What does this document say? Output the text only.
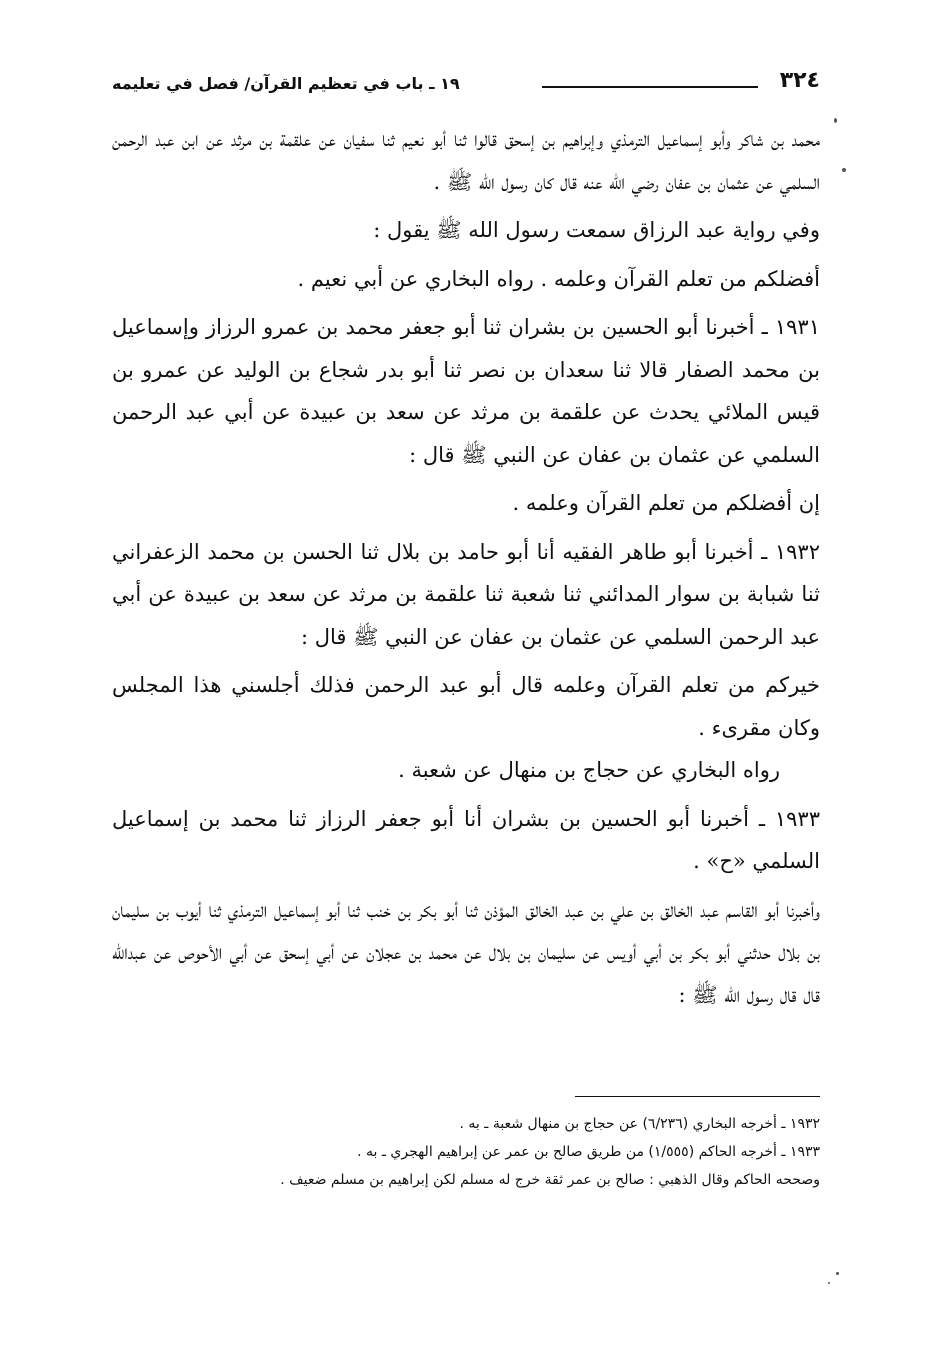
٣٢٤
١٩ ـ باب في تعظيم القرآن/ فصل في تعليمه

محمد بن شاكر وأبو إسماعيل الترمذي وإبراهيم بن إسحق قالوا ثنا أبو نعيم ثنا سفيان عن علقمة بن مرثد عن ابن عبد الرحمن السلمي عن عثمان بن عفان رضي الله عنه قال كان رسول الله ﷺ .

وفي رواية عبد الرزاق سمعت رسول الله ﷺ يقول :

أفضلكم من تعلم القرآن وعلمه . رواه البخاري عن أبي نعيم .

١٩٣١ ـ أخبرنا أبو الحسين بن بشران ثنا أبو جعفر محمد بن عمرو الرزاز وإسماعيل بن محمد الصفار قالا ثنا سعدان بن نصر ثنا أبو بدر شجاع بن الوليد عن عمرو بن قيس الملائي يحدث عن علقمة بن مرثد عن سعد بن عبيدة عن أبي عبد الرحمن السلمي عن عثمان بن عفان عن النبي ﷺ قال :

إن أفضلكم من تعلم القرآن وعلمه .

١٩٣٢ ـ أخبرنا أبو طاهر الفقيه أنا أبو حامد بن بلال ثنا الحسن بن محمد الزعفراني ثنا شبابة بن سوار المدائني ثنا شعبة ثنا علقمة بن مرثد عن سعد بن عبيدة عن أبي عبد الرحمن السلمي عن عثمان بن عفان عن النبي ﷺ قال :

خيركم من تعلم القرآن وعلمه قال أبو عبد الرحمن فذلك أجلسني هذا المجلس وكان مقرىء .

رواه البخاري عن حجاج بن منهال عن شعبة .

١٩٣٣ ـ أخبرنا أبو الحسين بن بشران أنا أبو جعفر الرزاز ثنا محمد بن إسماعيل السلمي «ح» .

وأخبرنا أبو القاسم عبد الخالق بن علي بن عبد الخالق المؤذن ثنا أبو بكر بن خنب ثنا أبو إسماعيل الترمذي ثنا أيوب بن سليمان بن بلال حدثني أبو بكر بن أبي أويس عن سليمان بن بلال عن محمد بن عجلان عن أبي إسحق عن أبي الأحوص عن عبدالله قال قال رسول الله ﷺ :

١٩٣٢ ـ أخرجه البخاري (٦/٢٣٦) عن حجاج بن منهال شعبة ـ به .

١٩٣٣ ـ أخرجه الحاكم (١/٥٥٥) من طريق صالح بن عمر عن إبراهيم الهجري ـ به .

وصححه الحاكم وقال الذهبي : صالح بن عمر ثقة خرج له مسلم لكن إبراهيم بن مسلم ضعيف .
